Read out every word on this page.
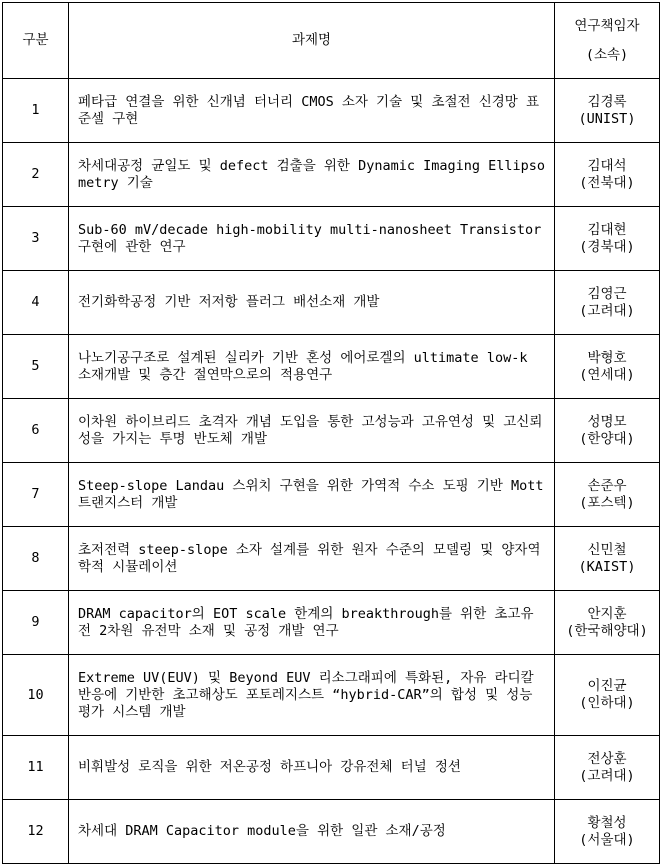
구분	과제명	연구책임자
(소속)

1	페타급 연결을 위한 신개념 터너리 CMOS 소자 기술 및 초절전 신경망 표준셀 구현	김경록
(UNIST)

2	차세대공정 균일도 및 defect 검출을 위한 Dynamic Imaging Ellipsometry 기술	김대석
(전북대)

3	Sub-60 mV/decade high-mobility multi-nanosheet Transistor 구현에 관한 연구	김대현
(경북대)

4	전기화학공정 기반 저저항 플러그 배선소재 개발	김영근
(고려대)

5	나노기공구조로 설계된 실리카 기반 혼성 에어로겔의 ultimate low-k 소재개발 및 층간 절연막으로의 적용연구	박형호
(연세대)

6	이차원 하이브리드 초격자 개념 도입을 통한 고성능과 고유연성 및 고신뢰성을 가지는 투명 반도체 개발	성명모
(한양대)

7	Steep-slope Landau 스위치 구현을 위한 가역적 수소 도핑 기반 Mott 트랜지스터 개발	손준우
(포스텍)

8	초저전력 steep-slope 소자 설계를 위한 원자 수준의 모델링 및 양자역학적 시뮬레이션	신민철
(KAIST)

9	DRAM capacitor의 EOT scale 한계의 breakthrough를 위한 초고유전 2차원 유전막 소재 및 공정 개발 연구	안지훈
(한국해양대)

10	Extreme UV(EUV) 및 Beyond EUV 리소그래피에 특화된, 자유 라디칼 반응에 기반한 초고해상도 포토레지스트 “hybrid-CAR”의 합성 및 성능 평가 시스템 개발	이진균
(인하대)

11	비휘발성 로직을 위한 저온공정 하프니아 강유전체 터널 정션	전상훈
(고려대)

12	차세대 DRAM Capacitor module을 위한 일관 소재/공정	황철성
(서울대)
